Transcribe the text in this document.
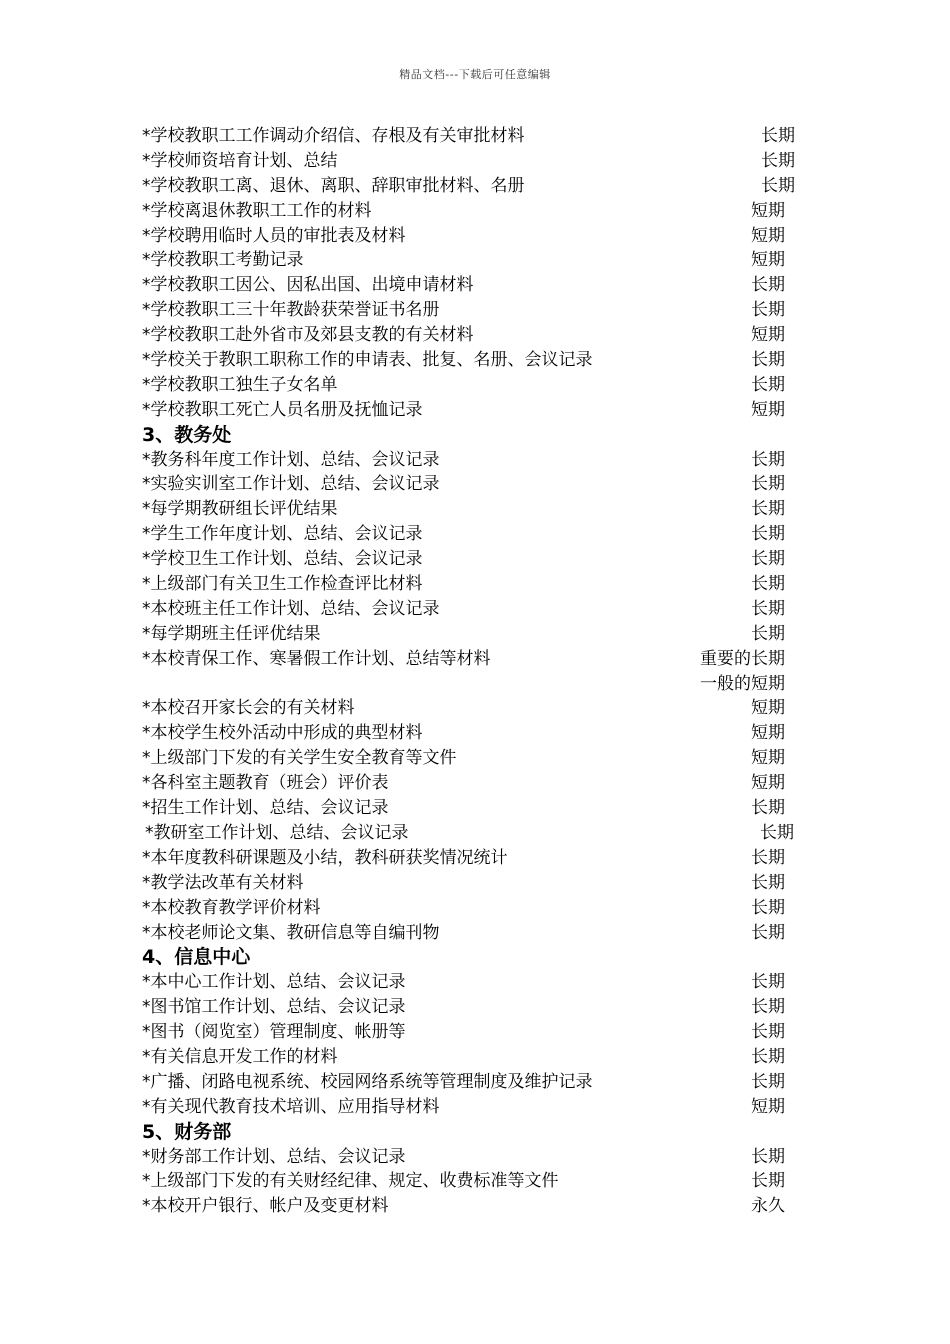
精品文档---下载后可任意编辑
*学校教职工工作调动介绍信、存根及有关审批材料	长期
*学校师资培育计划、总结	长期
*学校教职工离、退休、离职、辞职审批材料、名册	长期
*学校离退休教职工工作的材料	短期
*学校聘用临时人员的审批表及材料	短期
*学校教职工考勤记录	短期
*学校教职工因公、因私出国、出境申请材料	长期
*学校教职工三十年教龄获荣誉证书名册	长期
*学校教职工赴外省市及郊县支教的有关材料	短期
*学校关于教职工职称工作的申请表、批复、名册、会议记录	长期
*学校教职工独生子女名单	长期
*学校教职工死亡人员名册及抚恤记录	短期
3、教务处
*教务科年度工作计划、总结、会议记录	长期
*实验实训室工作计划、总结、会议记录	长期
*每学期教研组长评优结果	长期
*学生工作年度计划、总结、会议记录	长期
*学校卫生工作计划、总结、会议记录	长期
*上级部门有关卫生工作检查评比材料	长期
*本校班主任工作计划、总结、会议记录	长期
*每学期班主任评优结果	长期
*本校青保工作、寒暑假工作计划、总结等材料	重要的长期
一般的短期
*本校召开家长会的有关材料	短期
*本校学生校外活动中形成的典型材料	短期
*上级部门下发的有关学生安全教育等文件	短期
*各科室主题教育（班会）评价表	短期
*招生工作计划、总结、会议记录	长期
*教研室工作计划、总结、会议记录	长期
*本年度教科研课题及小结，教科研获奖情况统计	长期
*教学法改革有关材料	长期
*本校教育教学评价材料	长期
*本校老师论文集、教研信息等自编刊物	长期
4、信息中心
*本中心工作计划、总结、会议记录	长期
*图书馆工作计划、总结、会议记录	长期
*图书（阅览室）管理制度、帐册等	长期
*有关信息开发工作的材料	长期
*广播、闭路电视系统、校园网络系统等管理制度及维护记录	长期
*有关现代教育技术培训、应用指导材料	短期
5、财务部
*财务部工作计划、总结、会议记录	长期
*上级部门下发的有关财经纪律、规定、收费标准等文件	长期
*本校开户银行、帐户及变更材料	永久
